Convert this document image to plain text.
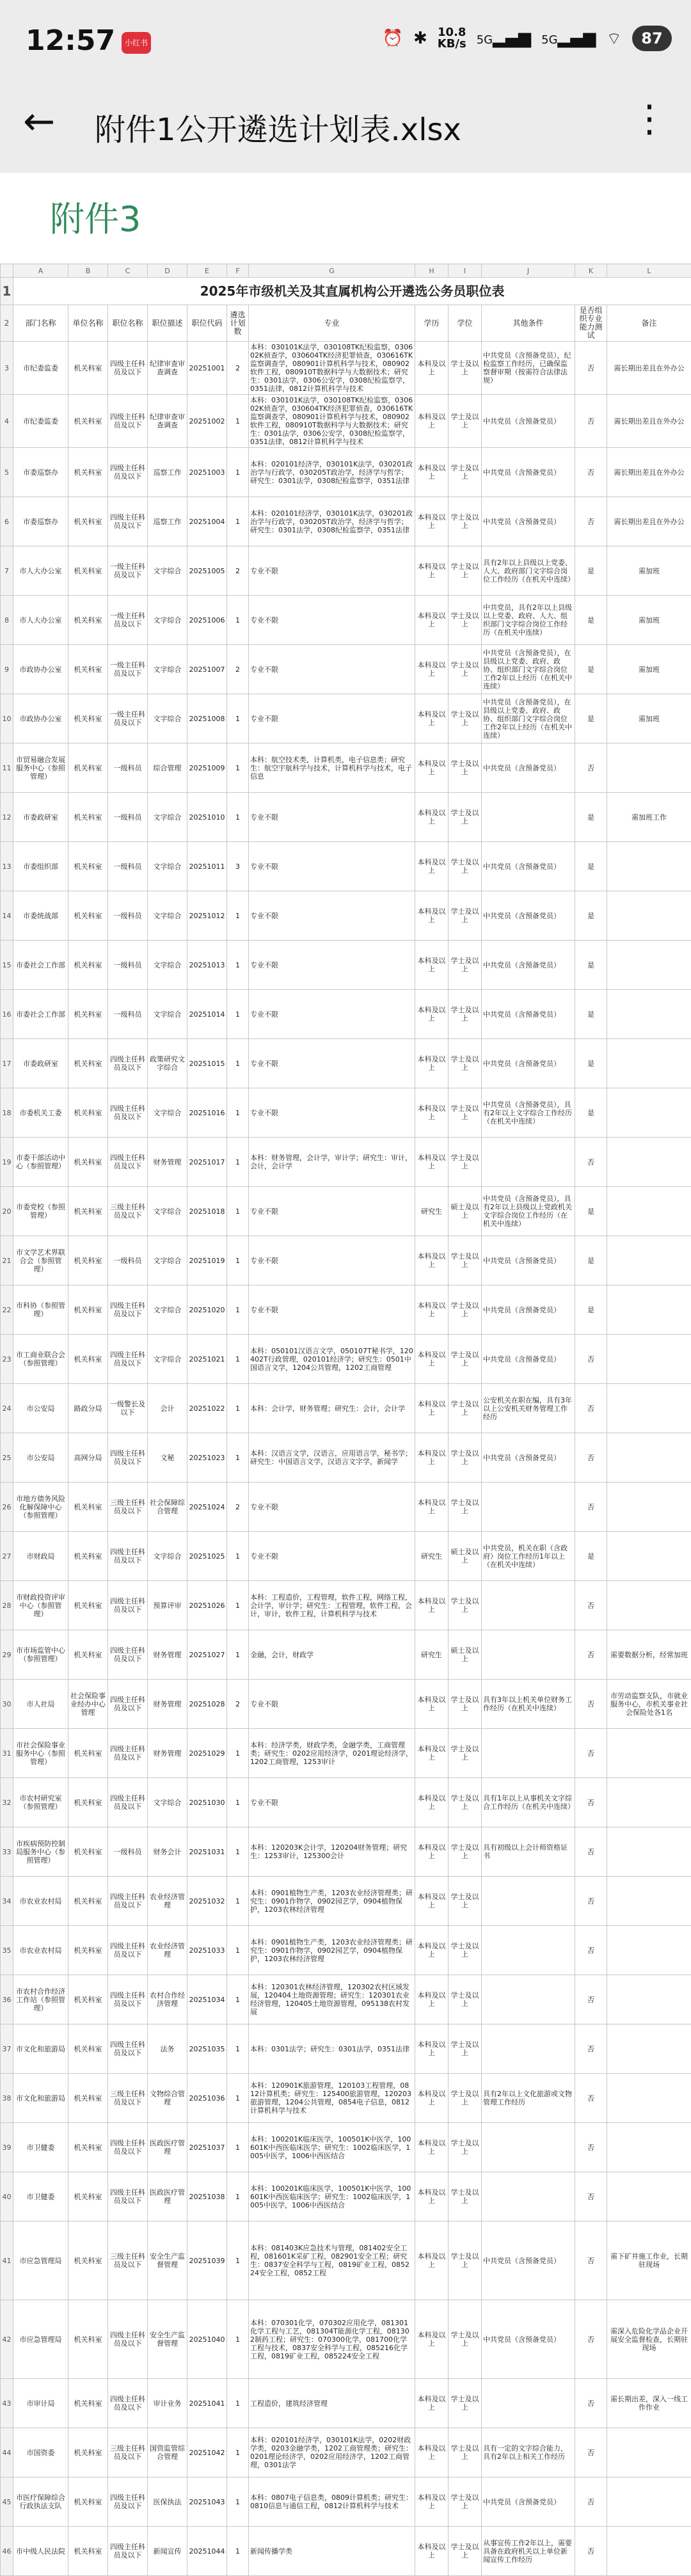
12:57	小红书	⏰ ✱ 10.8
KB/s 5G▂▄▆ 5G▂▄▆ ⌔	87
← 附件1公开遴选计划表.xlsx	⋮
附件3
	A	B	C	D	E	F	G	H	I	J	K	L
1	2025年市级机关及其直属机构公开遴选公务员职位表											
2	部门名称	单位名称	职位名称	职位描述	职位代码	遴选计划数	专业	学历	学位	其他条件	是否组织专业能力测试	备注
3	市纪委监委	机关科室	四级主任科员及以下	纪律审查审查调查	20251001	2	本科：030101K法学，030108TK纪检监察，030602K侦查学，030604TK经济犯罪侦查，030616TK监察调查学，080901计算机科学与技术，080902软件工程，080910T数据科学与大数据技术；研究生：0301法学，0306公安学，0308纪检监察学，0351法律，0812计算机科学与技术	本科及以上	学士及以上	中共党员（含预备党员），纪检监察工作经历，已确保监察督审期（按需符合法律法规）	否	需长期出差且在外办公
4	市纪委监委	机关科室	四级主任科员及以下	纪律审查审查调查	20251002	1	本科：030101K法学，030108TK纪检监察，030602K侦查学，030604TK经济犯罪侦查，030616TK监察调查学，080901计算机科学与技术，080902软件工程，080910T数据科学与大数据技术；研究生：0301法学，0306公安学，0308纪检监察学，0351法律，0812计算机科学与技术	本科及以上	学士及以上	中共党员（含预备党员）	否	需长期出差且在外办公
5	市委巡察办	机关科室	四级主任科员及以下	巡察工作	20251003	1	本科：020101经济学，030101K法学，030201政治学与行政学，030205T政治学，经济学与哲学；研究生：0301法学，0308纪检监察学，0351法律	本科及以上	学士及以上	中共党员（含预备党员）	否	需长期出差且在外办公
6	市委巡察办	机关科室	四级主任科员及以下	巡察工作	20251004	1	本科：020101经济学，030101K法学，030201政治学与行政学，030205T政治学，经济学与哲学；研究生：0301法学，0308纪检监察学，0351法律	本科及以上	学士及以上	中共党员（含预备党员）	否	需长期出差且在外办公
7	市人大办公室	机关科室	一级主任科员及以下	文字综合	20251005	2	专业不限	本科及以上	学士及以上	具有2年以上县级以上党委、人大、政府部门文字综合岗位工作经历（在机关中连续）	是	需加班
8	市人大办公室	机关科室	一级主任科员及以下	文字综合	20251006	1	专业不限	本科及以上	学士及以上	中共党员，具有2年以上县级以上党委、政府、人大、组织部门文字综合岗位工作经历（在机关中连续）	是	需加班
9	市政协办公室	机关科室	一级主任科员及以下	文字综合	20251007	2	专业不限	本科及以上	学士及以上	中共党员（含预备党员），在县级以上党委、政府、政协、组织部门文字综合岗位工作2年以上经历（在机关中连续）	是	需加班
10	市政协办公室	机关科室	一级主任科员及以下	文字综合	20251008	1	专业不限	本科及以上	学士及以上	中共党员（含预备党员），在县级以上党委、政府、政协、组织部门文字综合岗位工作2年以上经历（在机关中连续）	是	需加班
11	市贸易融合发展服务中心（参照管理）	机关科室	一级科员	综合管理	20251009	1	本科：航空技术类，计算机类，电子信息类；研究生：航空宇航科学与技术，计算机科学与技术，电子信息	本科及以上	学士及以上	中共党员（含预备党员）	否	
12	市委政研室	机关科室	一级科员	文字综合	20251010	1	专业不限	本科及以上	学士及以上		是	需加班工作
13	市委组织部	机关科室	一级科员	文字综合	20251011	3	专业不限	本科及以上	学士及以上	中共党员（含预备党员）	是	
14	市委统战部	机关科室	一级科员	文字综合	20251012	1	专业不限	本科及以上	学士及以上	中共党员（含预备党员）	是	
15	市委社会工作部	机关科室	一级科员	文字综合	20251013	1	专业不限	本科及以上	学士及以上	中共党员（含预备党员）	是	
16	市委社会工作部	机关科室	一级科员	文字综合	20251014	1	专业不限	本科及以上	学士及以上	中共党员（含预备党员）	是	
17	市委政研室	机关科室	四级主任科员及以下	政策研究文字综合	20251015	1	专业不限	本科及以上	学士及以上	中共党员（含预备党员）	是	
18	市委机关工委	机关科室	四级主任科员及以下	文字综合	20251016	1	专业不限	本科及以上	学士及以上	中共党员（含预备党员），具有2年以上文字综合工作经历（在机关中连续）	是	
19	市委干部活动中心（参照管理）	机关科室	四级主任科员及以下	财务管理	20251017	1	本科：财务管理，会计学，审计学；研究生：审计，会计，会计学	本科及以上	学士及以上		否	
20	市委党校（参照管理）	机关科室	三级主任科员及以下	文字综合	20251018	1	专业不限	研究生	硕士及以上	中共党员（含预备党员），具有2年以上县级以上党政机关文字综合岗位工作经历（在机关中连续）	是	
21	市文学艺术界联合会（参照管理）	机关科室	一级科员	文字综合	20251019	1	专业不限	本科及以上	学士及以上	中共党员（含预备党员）	是	
22	市科协（参照管理）	机关科室	四级主任科员及以下	文字综合	20251020	1	专业不限	本科及以上	学士及以上	中共党员（含预备党员）	是	
23	市工商业联合会（参照管理）	机关科室	四级主任科员及以下	文字综合	20251021	1	本科：050101汉语言文学，050107T秘书学，120402T行政管理，020101经济学；研究生：0501中国语言文学，1204公共管理，1202工商管理	本科及以上	学士及以上	中共党员（含预备党员）	否	
24	市公安局	路政分局	一级警长及以下	会计	20251022	1	本科：会计学，财务管理；研究生：会计，会计学	本科及以上	学士及以上	公安机关在职在编，具有3年以上公安机关财务管理工作经历	否	
25	市公安局	高网分局	四级主任科员及以下	文秘	20251023	1	本科：汉语言文学，汉语言，应用语言学，秘书学；研究生：中国语言文学，汉语言文字学，新闻学	本科及以上	学士及以上	中共党员（含预备党员）	否	
26	市地方债务风险化解保障中心（参照管理）	机关科室	三级主任科员及以下	社会保障综合管理	20251024	2	专业不限	本科及以上	学士及以上		否	
27	市财政局	机关科室	四级主任科员及以下	文字综合	20251025	1	专业不限	研究生	硕士及以上	中共党员，机关在职（含政府）岗位工作经历1年以上（在机关中连续）	是	
28	市财政投资评审中心（参照管理）	机关科室	四级主任科员及以下	预算评审	20251026	1	本科：工程造价，工程管理，软件工程，网络工程，会计学，审计学；研究生：工程管理，软件工程，会计，审计，软件工程，计算机科学与技术	本科及以上	学士及以上		否	
29	市市场监管中心（参照管理）	机关科室	四级主任科员及以下	财务管理	20251027	1	金融，会计，财政学	研究生	硕士及以上		否	需要数据分析，经常加班
30	市人社局	社会保险事业经办中心管理	四级主任科员及以下	财务管理	20251028	2	专业不限	本科及以上	学士及以上	具有3年以上机关单位财务工作经历（在机关中连续）	否	市劳动监察支队，市就业服务中心，市机关事业社会保险处各1名
31	市社会保险事业服务中心（参照管理）	机关科室	四级主任科员及以下	财务管理	20251029	1	本科：经济学类，财政学类，金融学类，工商管理类；研究生：0202应用经济学，0201理论经济学，1202工商管理，1253审计	本科及以上	学士及以上		否	
32	市农村研究室（参照管理）	机关科室	四级主任科员及以下	文字综合	20251030	1	专业不限	本科及以上	学士及以上	具有1年以上从事机关文字综合工作经历（在机关中连续）	否	
33	市疾病预防控制局服务中心（参照管理）	机关科室	一级科员	财务会计	20251031	1	本科：120203K会计学，120204财务管理；研究生：1253审计，125300会计	本科及以上	学士及以上	具有初级以上会计师资格证书	否	
34	市农业农村局	机关科室	四级主任科员及以下	农业经济管理	20251032	1	本科：0901植物生产类，1203农业经济管理类；研究生：0901作物学，0902园艺学，0904植物保护，1203农林经济管理	本科及以上	学士及以上		否	
35	市农业农村局	机关科室	四级主任科员及以下	农业经济管理	20251033	1	本科：0901植物生产类，1203农业经济管理类；研究生：0901作物学，0902园艺学，0904植物保护，1203农林经济管理	本科及以上	学士及以上		否	
36	市农村合作经济工作站（参照管理）	机关科室	四级主任科员及以下	农村合作经济管理	20251034	1	本科：120301农林经济管理，120302农村区域发展，120404土地资源管理；研究生：120301农业经济管理，120405土地资源管理，095138农村发展	本科及以上	学士及以上		否	
37	市文化和旅游局	机关科室	四级主任科员及以下	法务	20251035	1	本科：0301法学；研究生：0301法学，0351法律	本科及以上	学士及以上		否	
38	市文化和旅游局	机关科室	三级主任科员及以下	文物综合管理	20251036	1	本科：120901K旅游管理，120103工程管理，0812计算机类；研究生：125400旅游管理，120203旅游管理，1204公共管理，0854电子信息，0812计算机科学与技术	本科及以上	学士及以上	具有2年以上文化旅游或文物管理工作经历	否	
39	市卫健委	机关科室	四级主任科员及以下	医政医疗管理	20251037	1	本科：100201K临床医学，100501K中医学，100601K中西医临床医学；研究生：1002临床医学，1005中医学，1006中西医结合	本科及以上	学士及以上		否	
40	市卫健委	机关科室	四级主任科员及以下	医政医疗管理	20251038	1	本科：100201K临床医学，100501K中医学，100601K中西医临床医学；研究生：1002临床医学，1005中医学，1006中西医结合	本科及以上	学士及以上		否	
41	市应急管理局	机关科室	三级主任科员及以下	安全生产监督管理	20251039	1	本科：081403K应急技术与管理，081402安全工程，081601K采矿工程，082901安全工程；研究生：0837安全科学与工程，0819矿业工程，085224安全工程，0852工程	本科及以上	学士及以上	中共党员（含预备党员）	否	需下矿井施工作业，长期驻现场
42	市应急管理局	机关科室	四级主任科员及以下	安全生产监督管理	20251040	1	本科：070301化学，070302应用化学，081301化学工程与工艺，081304T能源化学工程，081302制药工程；研究生：070300化学，081700化学工程与技术，0837安全科学与工程，085216化学工程，0819矿业工程，085224安全工程	本科及以上	学士及以上	中共党员（含预备党员）	否	需深入危险化学品企业开展安全监督检查，长期驻现场
43	市审计局	机关科室	四级主任科员及以下	审计业务	20251041	1	工程造价，建筑经济管理	本科及以上	学士及以上		否	需长期出差，深入一线工作作业
44	市国资委	机关科室	三级主任科员及以下	国资监管综合管理	20251042	1	本科：020101经济学，030101K法学，0202财政学类，0203金融学类，1202工商管理类；研究生：0201理论经济学，0202应用经济学，1202工商管理，0301法学	本科及以上	学士及以上	具有一定的文字综合能力，具有2年以上相关工作经历	否	
45	市医疗保障综合行政执法支队	机关科室	四级主任科员及以下	医保执法	20251043	1	本科：0807电子信息类，0809计算机类；研究生：0810信息与通信工程，0812计算机科学与技术	本科及以上	学士及以上	中共党员（含预备党员）	否	
46	市中级人民法院	机关科室	四级主任科员及以下	新闻宣传	20251044	1	新闻传播学类	本科及以上	学士及以上	从事宣传工作2年以上，需要具备在政府机关以上单位新闻宣传工作经历	否	
